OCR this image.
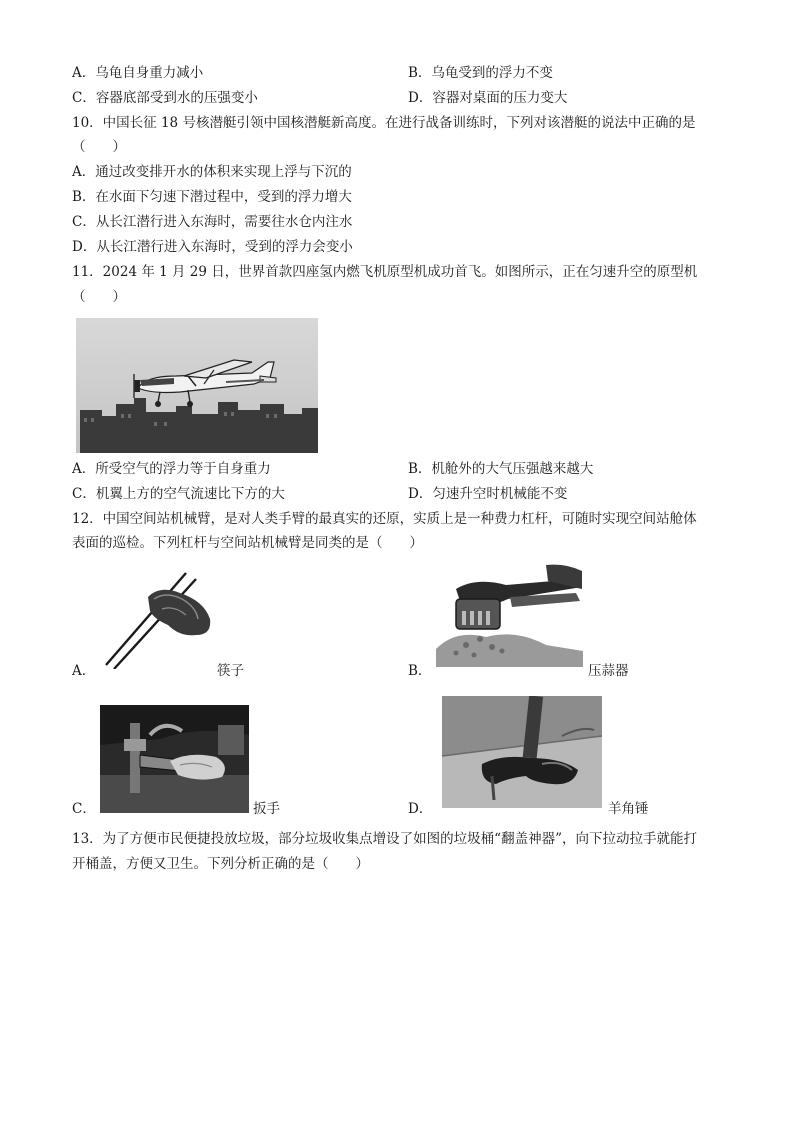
A．乌龟自身重力减小	B．乌龟受到的浮力不变
C．容器底部受到水的压强变小	D．容器对桌面的压力变大
10．中国长征 18 号核潜艇引领中国核潜艇新高度。在进行战备训练时，下列对该潜艇的说法中正确的是
（　　）
A．通过改变排开水的体积来实现上浮与下沉的
B．在水面下匀速下潜过程中，受到的浮力增大
C．从长江潜行进入东海时，需要往水仓内注水
D．从长江潜行进入东海时，受到的浮力会变小
11．2024 年 1 月 29 日，世界首款四座氢内燃飞机原型机成功首飞。如图所示，正在匀速升空的原型机
（　　）
A．所受空气的浮力等于自身重力	B．机舱外的大气压强越来越大
C．机翼上方的空气流速比下方的大	D．匀速升空时机械能不变
12．中国空间站机械臂，是对人类手臂的最真实的还原，实质上是一种费力杠杆，可随时实现空间站舱体
表面的巡检。下列杠杆与空间站机械臂是同类的是（　　）
A．	筷子	B．	压蒜器
C．	扳手	D．	羊角锤
13．为了方便市民便捷投放垃圾，部分垃圾收集点增设了如图的垃圾桶“翻盖神器”，向下拉动拉手就能打
开桶盖，方便又卫生。下列分析正确的是（　　）
